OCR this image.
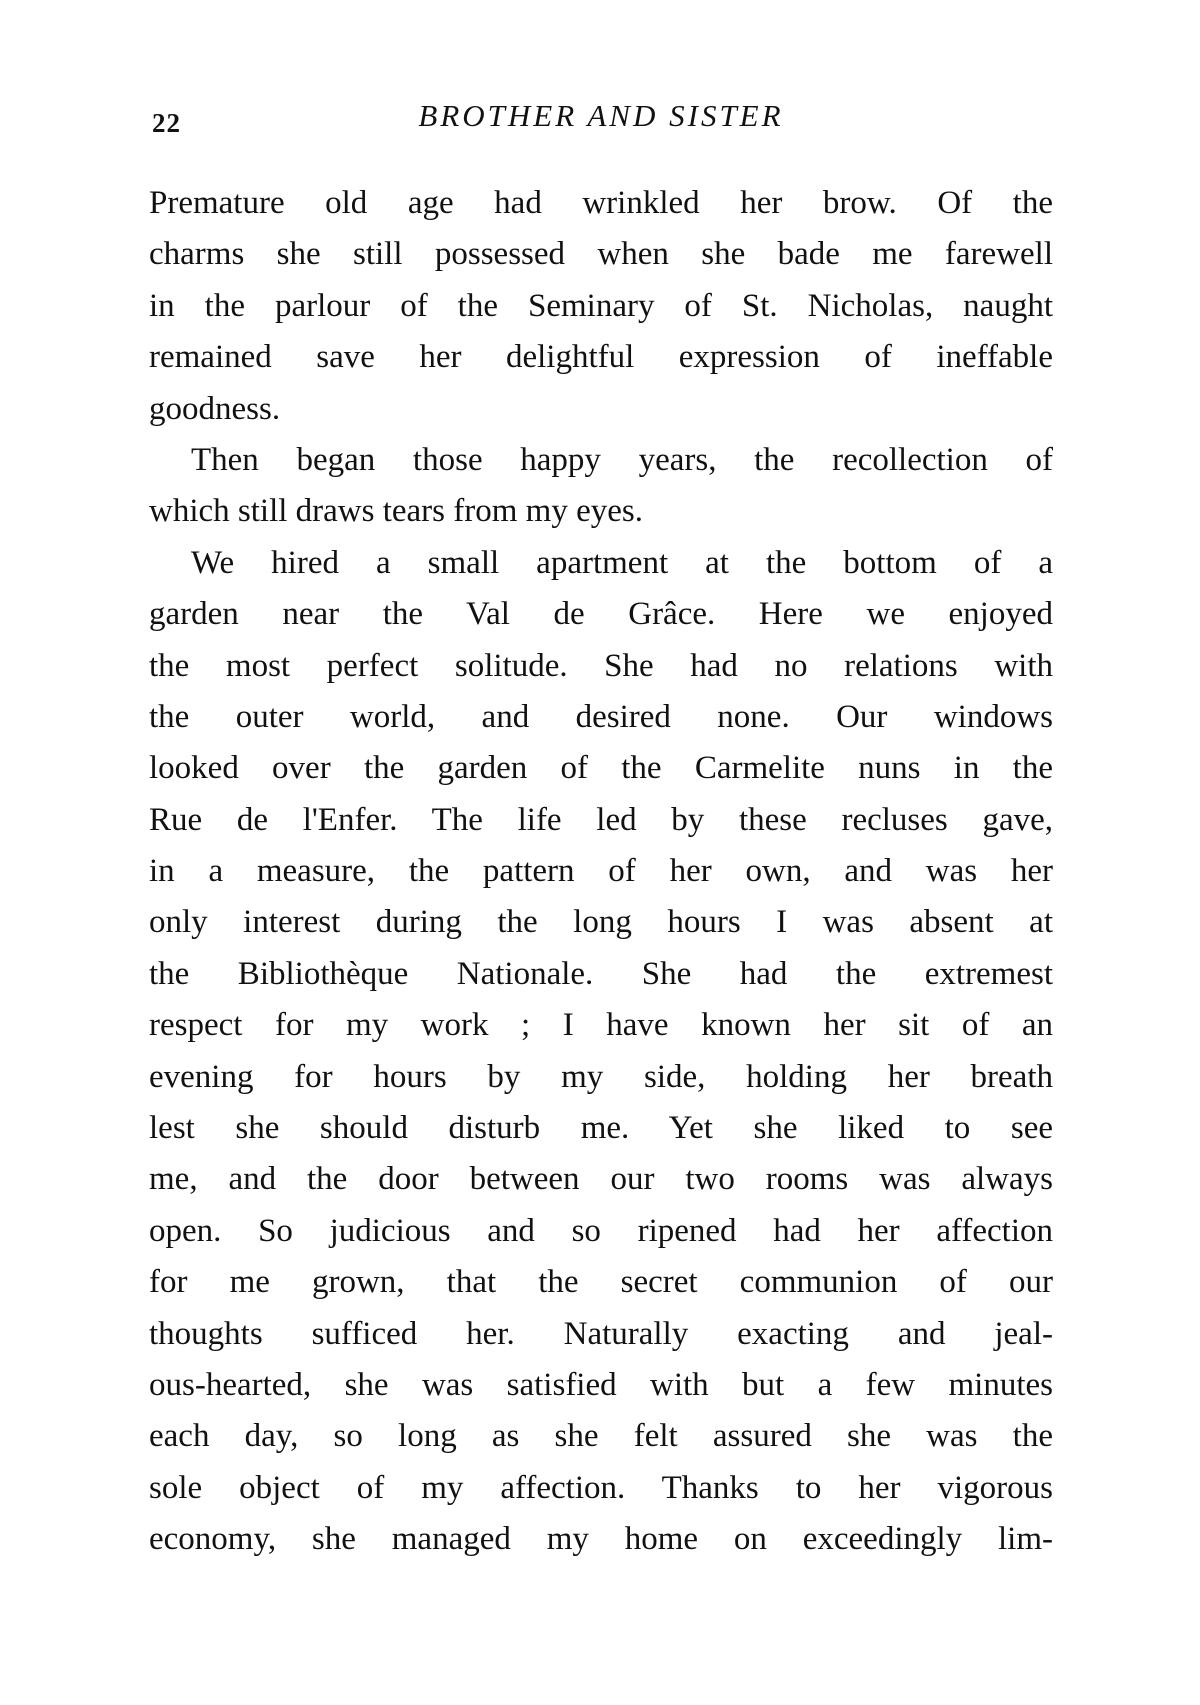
22	BROTHER AND SISTER
Premature old age had wrinkled her brow. Of the
charms she still possessed when she bade me farewell
in the parlour of the Seminary of St. Nicholas, naught
remained save her delightful expression of ineffable
goodness.
Then began those happy years, the recollection of
which still draws tears from my eyes.
We hired a small apartment at the bottom of a
garden near the Val de Grâce. Here we enjoyed
the most perfect solitude. She had no relations with
the outer world, and desired none. Our windows
looked over the garden of the Carmelite nuns in the
Rue de l'Enfer. The life led by these recluses gave,
in a measure, the pattern of her own, and was her
only interest during the long hours I was absent at
the Bibliothèque Nationale. She had the extremest
respect for my work ; I have known her sit of an
evening for hours by my side, holding her breath
lest she should disturb me. Yet she liked to see
me, and the door between our two rooms was always
open. So judicious and so ripened had her affection
for me grown, that the secret communion of our
thoughts sufficed her. Naturally exacting and jeal-
ous-hearted, she was satisfied with but a few minutes
each day, so long as she felt assured she was the
sole object of my affection. Thanks to her vigorous
economy, she managed my home on exceedingly lim-
